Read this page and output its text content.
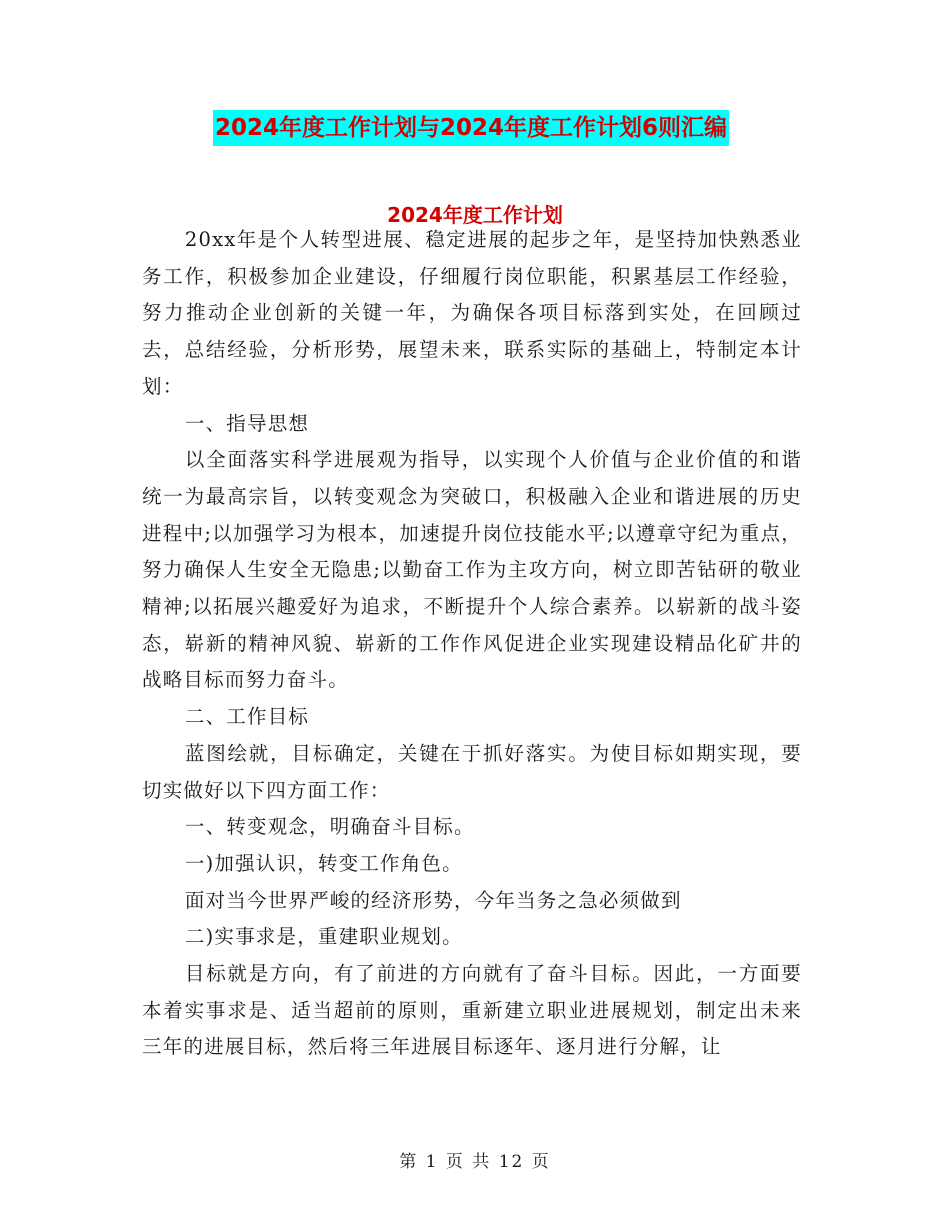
2024年度工作计划与2024年度工作计划6则汇编
2024年度工作计划

20xx年是个人转型进展、稳定进展的起步之年，是坚持加快熟悉业务工作，积极参加企业建设，仔细履行岗位职能，积累基层工作经验，努力推动企业创新的关键一年，为确保各项目标落到实处，在回顾过去，总结经验，分析形势，展望未来，联系实际的基础上，特制定本计划：

一、指导思想

以全面落实科学进展观为指导，以实现个人价值与企业价值的和谐统一为最高宗旨，以转变观念为突破口，积极融入企业和谐进展的历史进程中;以加强学习为根本，加速提升岗位技能水平;以遵章守纪为重点，努力确保人生安全无隐患;以勤奋工作为主攻方向，树立即苦钻研的敬业精神;以拓展兴趣爱好为追求，不断提升个人综合素养。以崭新的战斗姿态，崭新的精神风貌、崭新的工作作风促进企业实现建设精品化矿井的战略目标而努力奋斗。

二、工作目标

蓝图绘就，目标确定，关键在于抓好落实。为使目标如期实现，要切实做好以下四方面工作：

一、转变观念，明确奋斗目标。

一)加强认识，转变工作角色。

面对当今世界严峻的经济形势，今年当务之急必须做到

二)实事求是，重建职业规划。

目标就是方向，有了前进的方向就有了奋斗目标。因此，一方面要本着实事求是、适当超前的原则，重新建立职业进展规划，制定出未来三年的进展目标，然后将三年进展目标逐年、逐月进行分解，让

第 1 页 共 12 页
